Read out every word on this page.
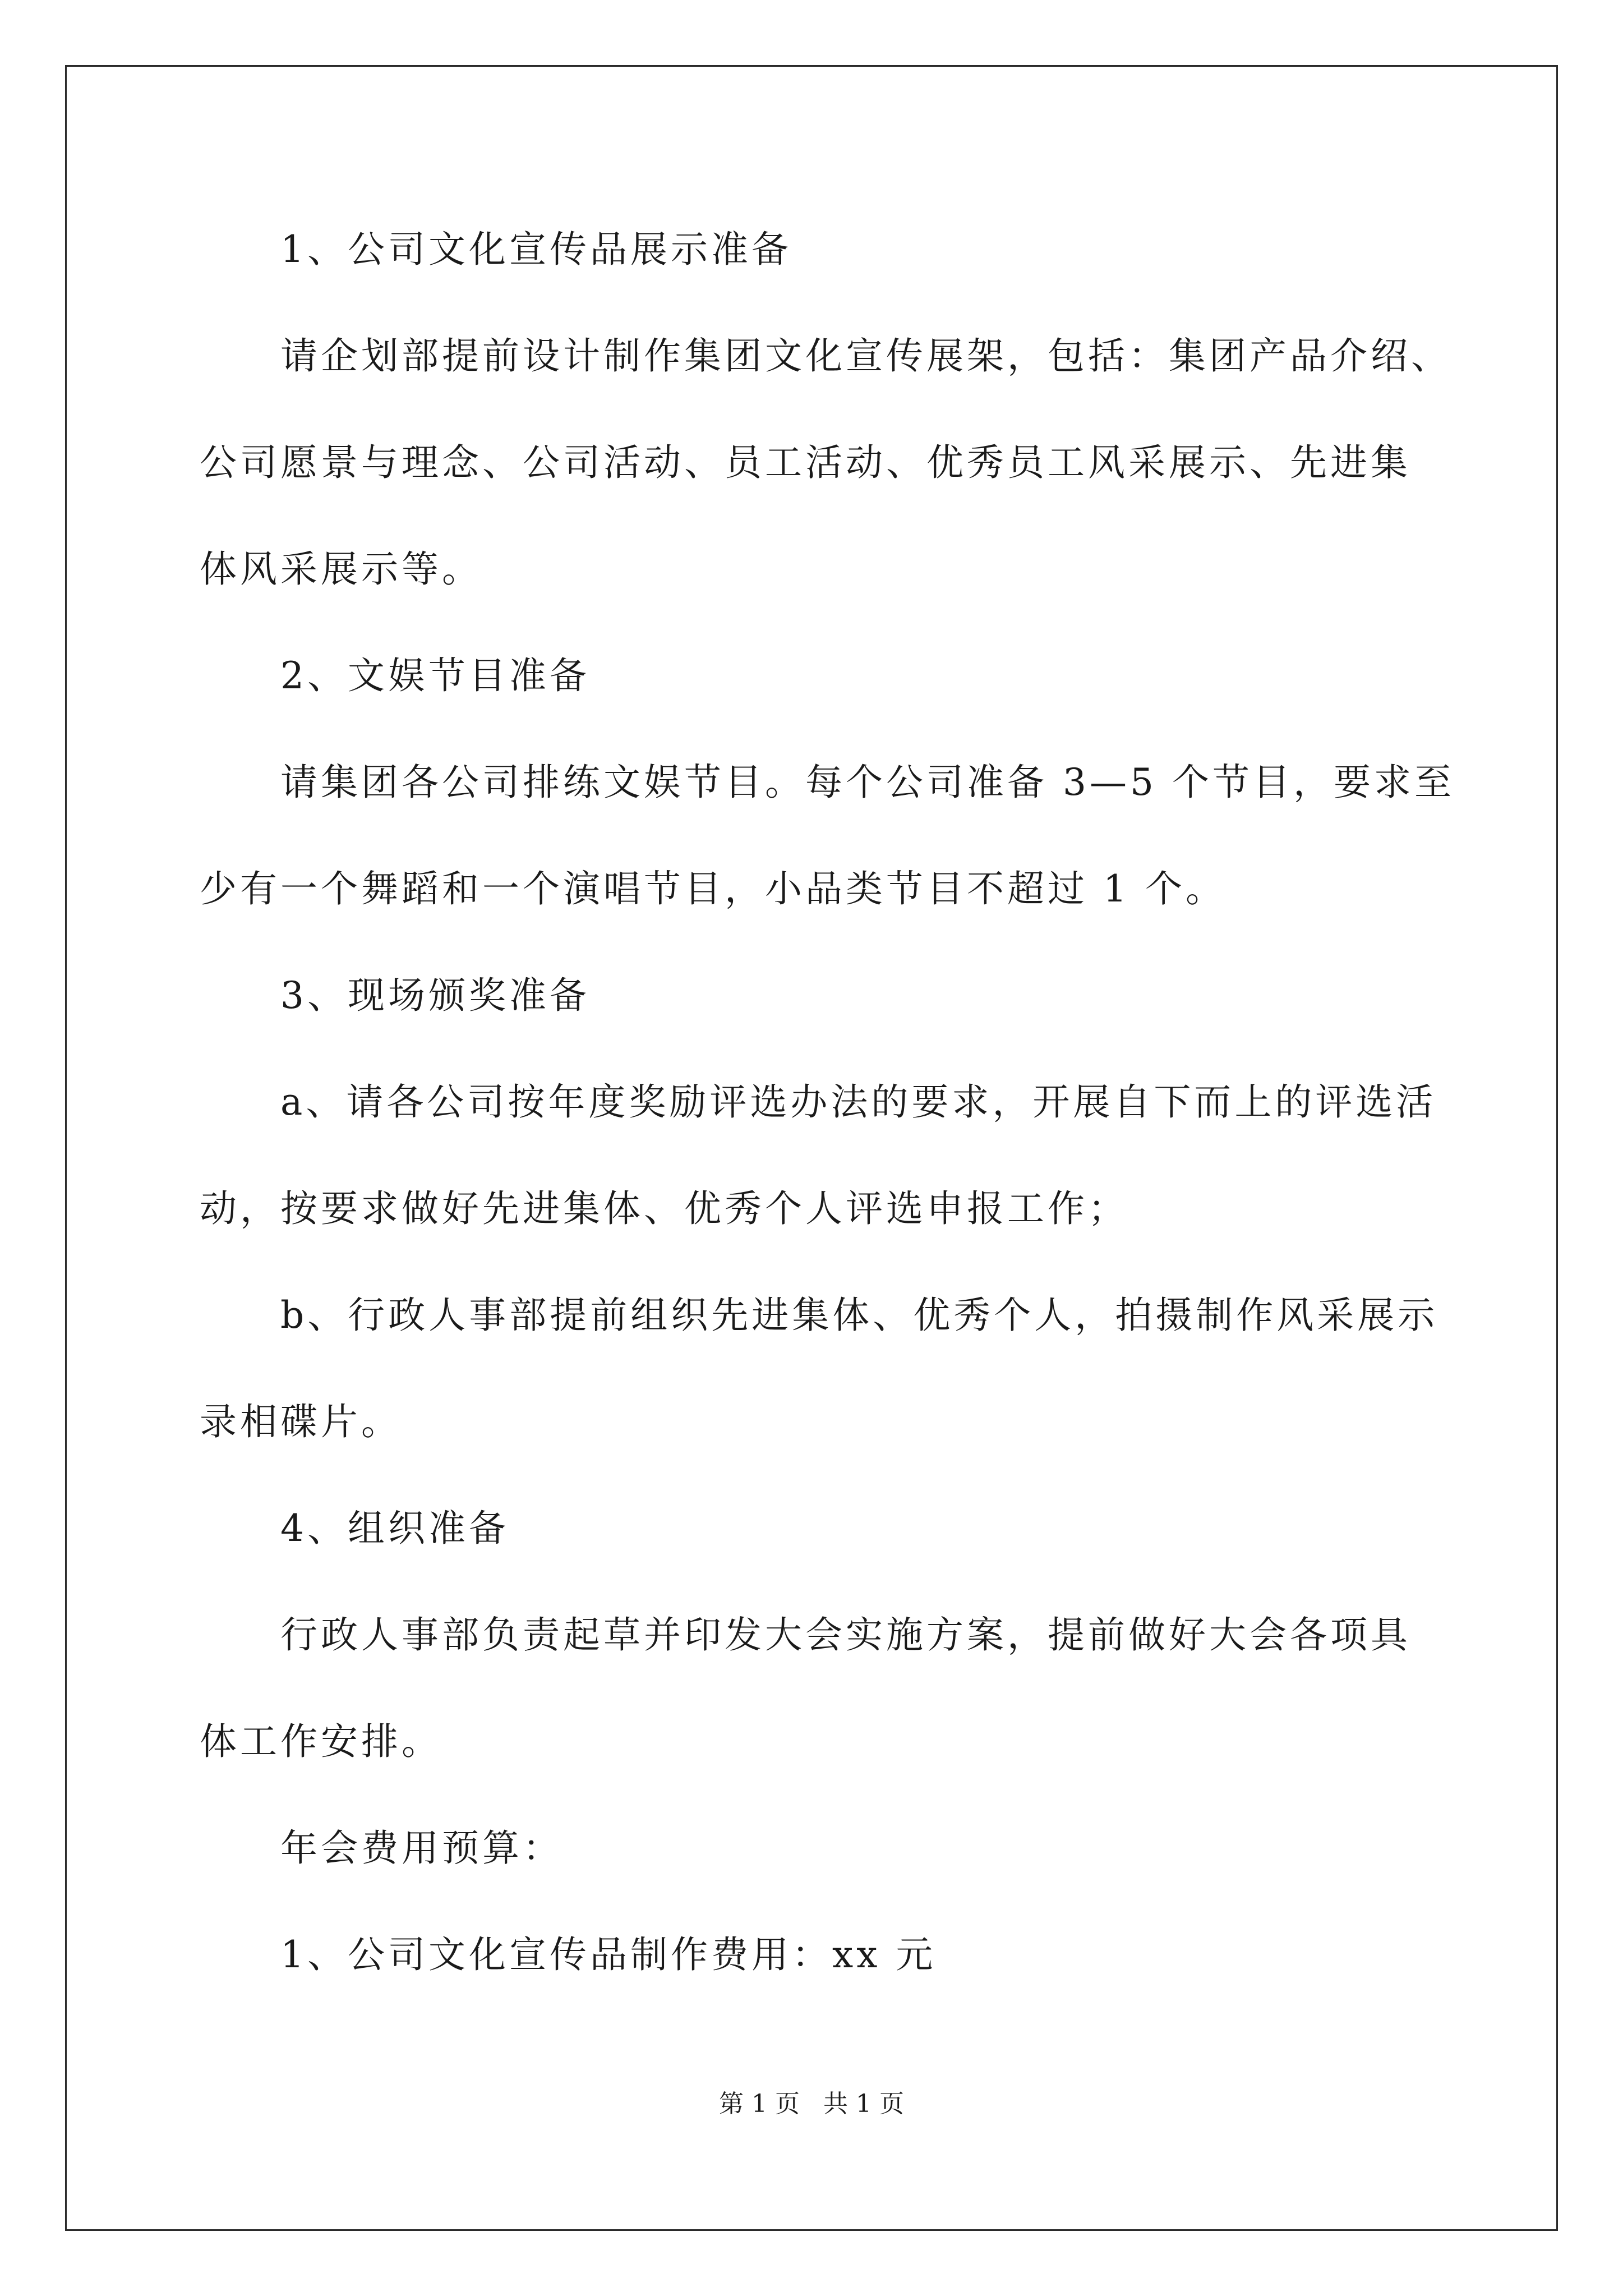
1、公司文化宣传品展示准备
请企划部提前设计制作集团文化宣传展架，包括：集团产品介绍、
公司愿景与理念、公司活动、员工活动、优秀员工风采展示、先进集
体风采展示等。
2、文娱节目准备
请集团各公司排练文娱节目。每个公司准备 3—5 个节目，要求至
少有一个舞蹈和一个演唱节目，小品类节目不超过 1 个。
3、现场颁奖准备
a、请各公司按年度奖励评选办法的要求，开展自下而上的评选活
动，按要求做好先进集体、优秀个人评选申报工作；
b、行政人事部提前组织先进集体、优秀个人，拍摄制作风采展示
录相碟片。
4、组织准备
行政人事部负责起草并印发大会实施方案，提前做好大会各项具
体工作安排。
年会费用预算：
1、公司文化宣传品制作费用：xx 元
第 1 页   共 1 页
